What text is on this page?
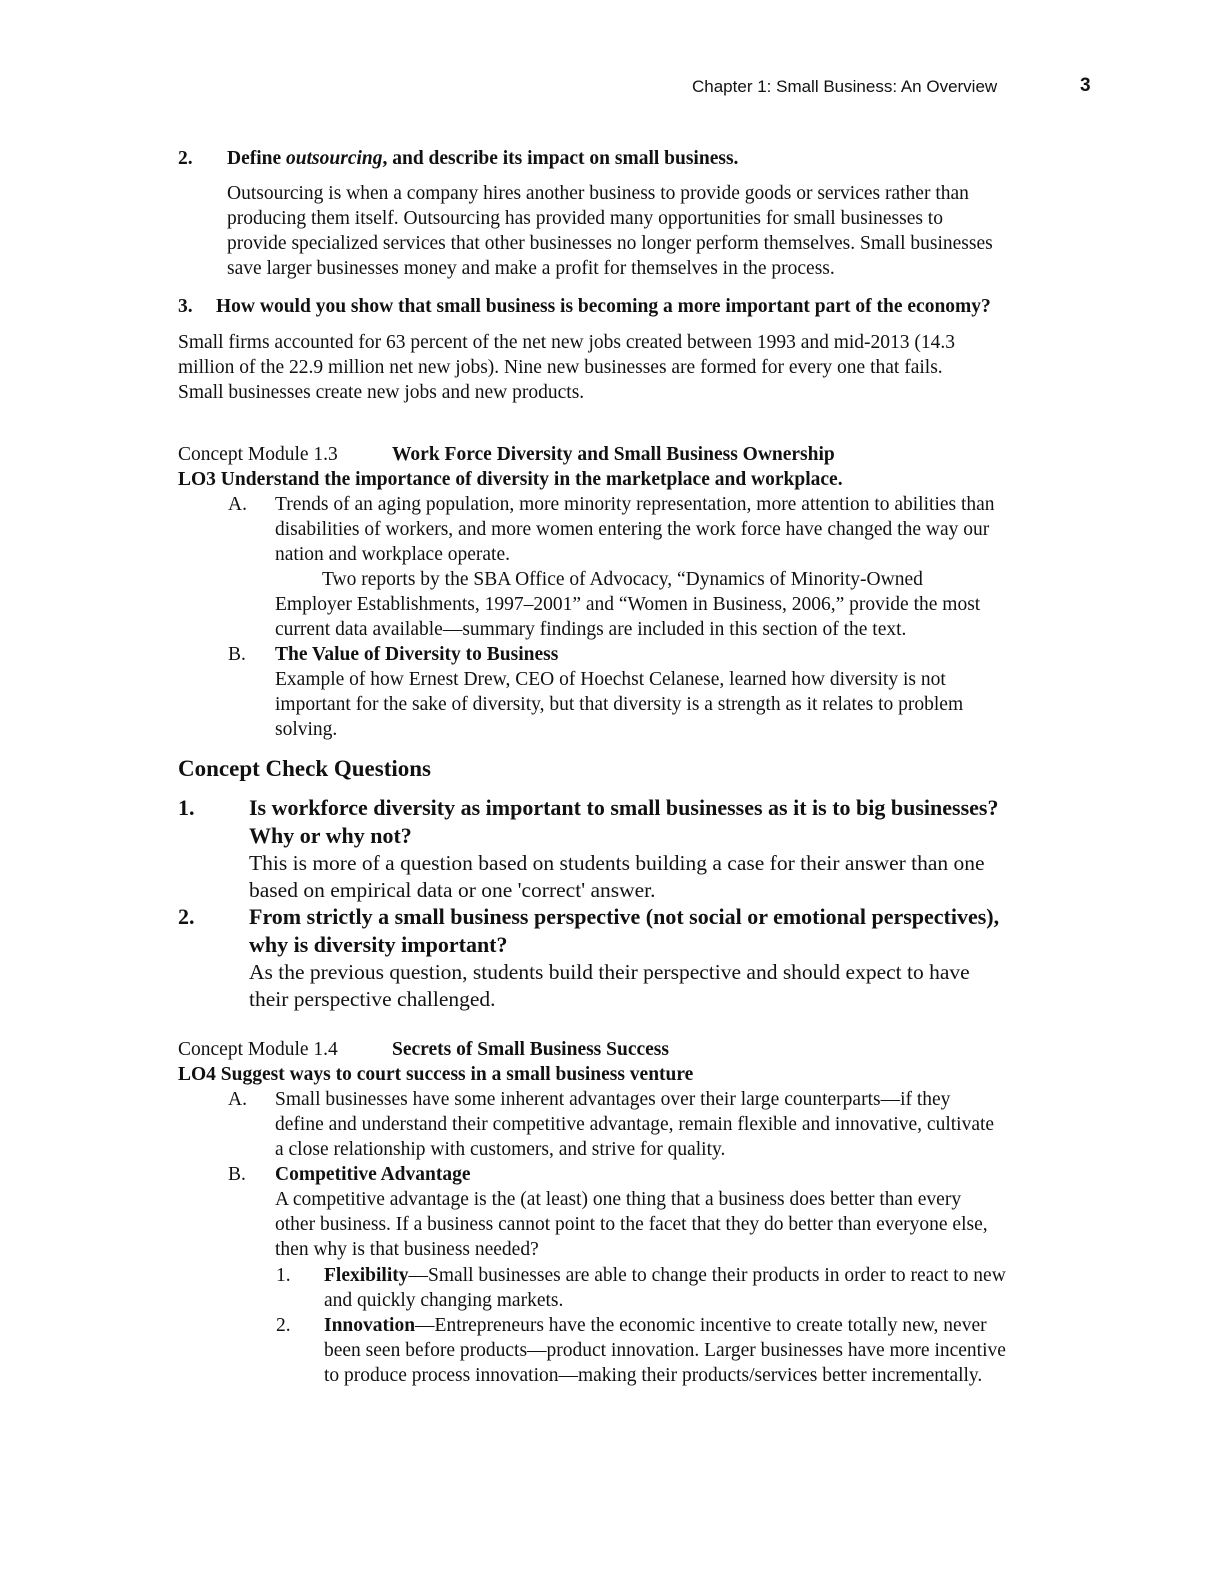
Chapter 1: Small Business: An Overview	3
2. Define outsourcing, and describe its impact on small business.
Outsourcing is when a company hires another business to provide goods or services rather than
producing them itself. Outsourcing has provided many opportunities for small businesses to
provide specialized services that other businesses no longer perform themselves. Small businesses
save larger businesses money and make a profit for themselves in the process.
3. How would you show that small business is becoming a more important part of the economy?
Small firms accounted for 63 percent of the net new jobs created between 1993 and mid-2013 (14.3
million of the 22.9 million net new jobs). Nine new businesses are formed for every one that fails.
Small businesses create new jobs and new products.
Concept Module 1.3	Work Force Diversity and Small Business Ownership
LO3 Understand the importance of diversity in the marketplace and workplace.
A. Trends of an aging population, more minority representation, more attention to abilities than
disabilities of workers, and more women entering the work force have changed the way our
nation and workplace operate.
Two reports by the SBA Office of Advocacy, “Dynamics of Minority-Owned
Employer Establishments, 1997–2001” and “Women in Business, 2006,” provide the most
current data available—summary findings are included in this section of the text.
B. The Value of Diversity to Business
Example of how Ernest Drew, CEO of Hoechst Celanese, learned how diversity is not
important for the sake of diversity, but that diversity is a strength as it relates to problem
solving.
Concept Check Questions
1. Is workforce diversity as important to small businesses as it is to big businesses?
Why or why not?
This is more of a question based on students building a case for their answer than one
based on empirical data or one 'correct' answer.
2. From strictly a small business perspective (not social or emotional perspectives),
why is diversity important?
As the previous question, students build their perspective and should expect to have
their perspective challenged.
Concept Module 1.4	Secrets of Small Business Success
LO4 Suggest ways to court success in a small business venture
A. Small businesses have some inherent advantages over their large counterparts—if they
define and understand their competitive advantage, remain flexible and innovative, cultivate
a close relationship with customers, and strive for quality.
B. Competitive Advantage
A competitive advantage is the (at least) one thing that a business does better than every
other business. If a business cannot point to the facet that they do better than everyone else,
then why is that business needed?
1. Flexibility—Small businesses are able to change their products in order to react to new
and quickly changing markets.
2. Innovation—Entrepreneurs have the economic incentive to create totally new, never
been seen before products—product innovation. Larger businesses have more incentive
to produce process innovation—making their products/services better incrementally.
